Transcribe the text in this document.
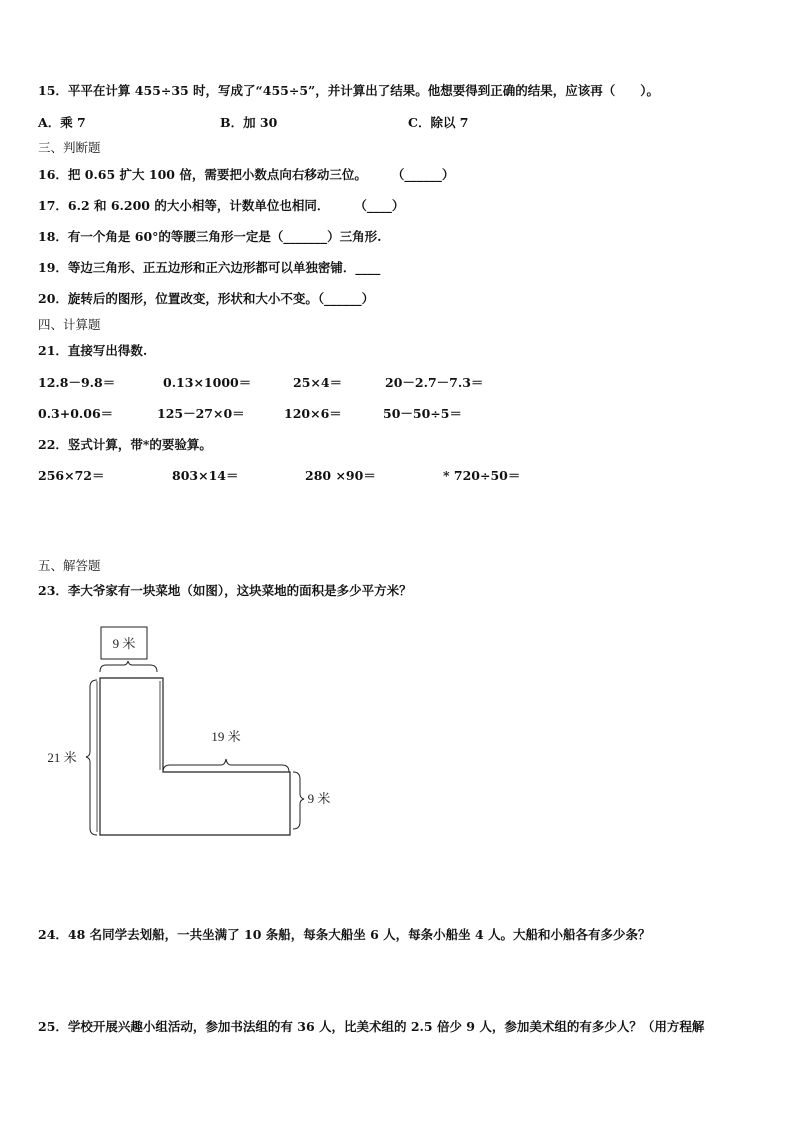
15．平平在计算 455÷35 时，写成了“455÷5”，并计算出了结果。他想要得到正确的结果，应该再（　　）。
A．乘 7	B．加 30	C．除以 7
三、判断题
16．把 0.65 扩大 100 倍，需要把小数点向右移动三位。　　　（______）
17．6.2 和 6.200 的大小相等，计数单位也相同．　　　（____）
18．有一个角是 60°的等腰三角形一定是（_______）三角形.
19．等边三角形、正五边形和正六边形都可以单独密铺．____
20．旋转后的图形，位置改变，形状和大小不变。（______）
四、计算题
21．直接写出得数.
12.8－9.8＝	0.13×1000＝	25×4＝	20－2.7－7.3＝
0.3+0.06＝	125－27×0＝	120×6＝	50－50÷5＝
22．竖式计算，带*的要验算。
256×72＝	803×14＝	280 ×90＝	* 720÷50＝
五、解答题
23．李大爷家有一块菜地（如图），这块菜地的面积是多少平方米？
9 米
21 米
19 米
9 米
24．48 名同学去划船，一共坐满了 10 条船，每条大船坐 6 人，每条小船坐 4 人。大船和小船各有多少条？
25．学校开展兴趣小组活动，参加书法组的有 36 人，比美术组的 2.5 倍少 9 人，参加美术组的有多少人？（用方程解
